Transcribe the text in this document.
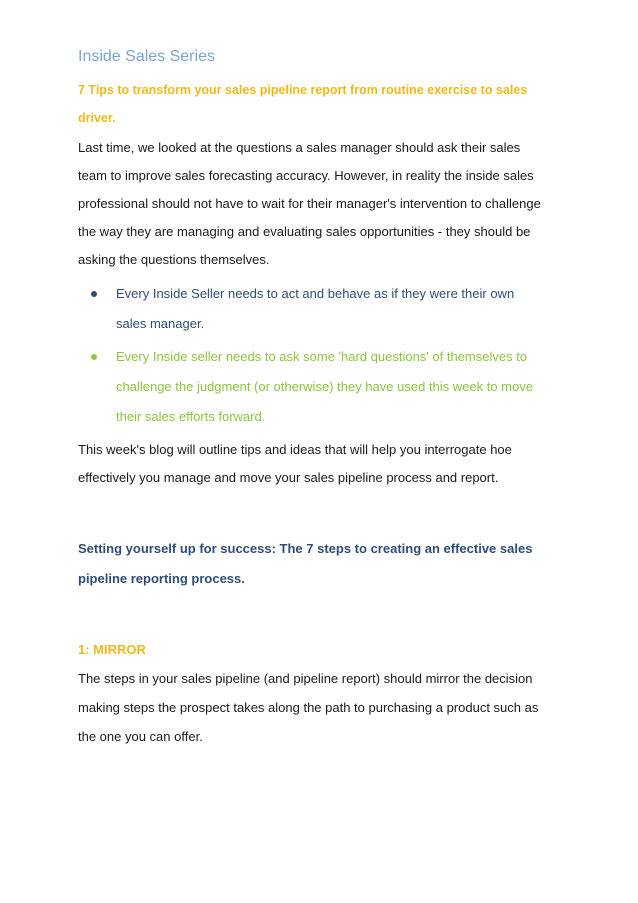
Inside Sales Series
7 Tips to transform your sales pipeline report from routine exercise to sales driver.

Last time, we looked at the questions a sales manager should ask their sales team to improve sales forecasting accuracy. However, in reality the inside sales professional should not have to wait for their manager's intervention to challenge the way they are managing and evaluating sales opportunities - they should be asking the questions themselves.

Every Inside Seller needs to act and behave as if they were their own sales manager.
Every Inside seller needs to ask some 'hard questions' of themselves to challenge the judgment (or otherwise) they have used this week to move their sales efforts forward.

This week's blog will outline tips and ideas that will help you interrogate hoe effectively you manage and move your sales pipeline process and report.

Setting yourself up for success: The 7 steps to creating an effective sales pipeline reporting process.
1: MIRROR

The steps in your sales pipeline (and pipeline report) should mirror the decision making steps the prospect takes along the path to purchasing a product such as the one you can offer.
